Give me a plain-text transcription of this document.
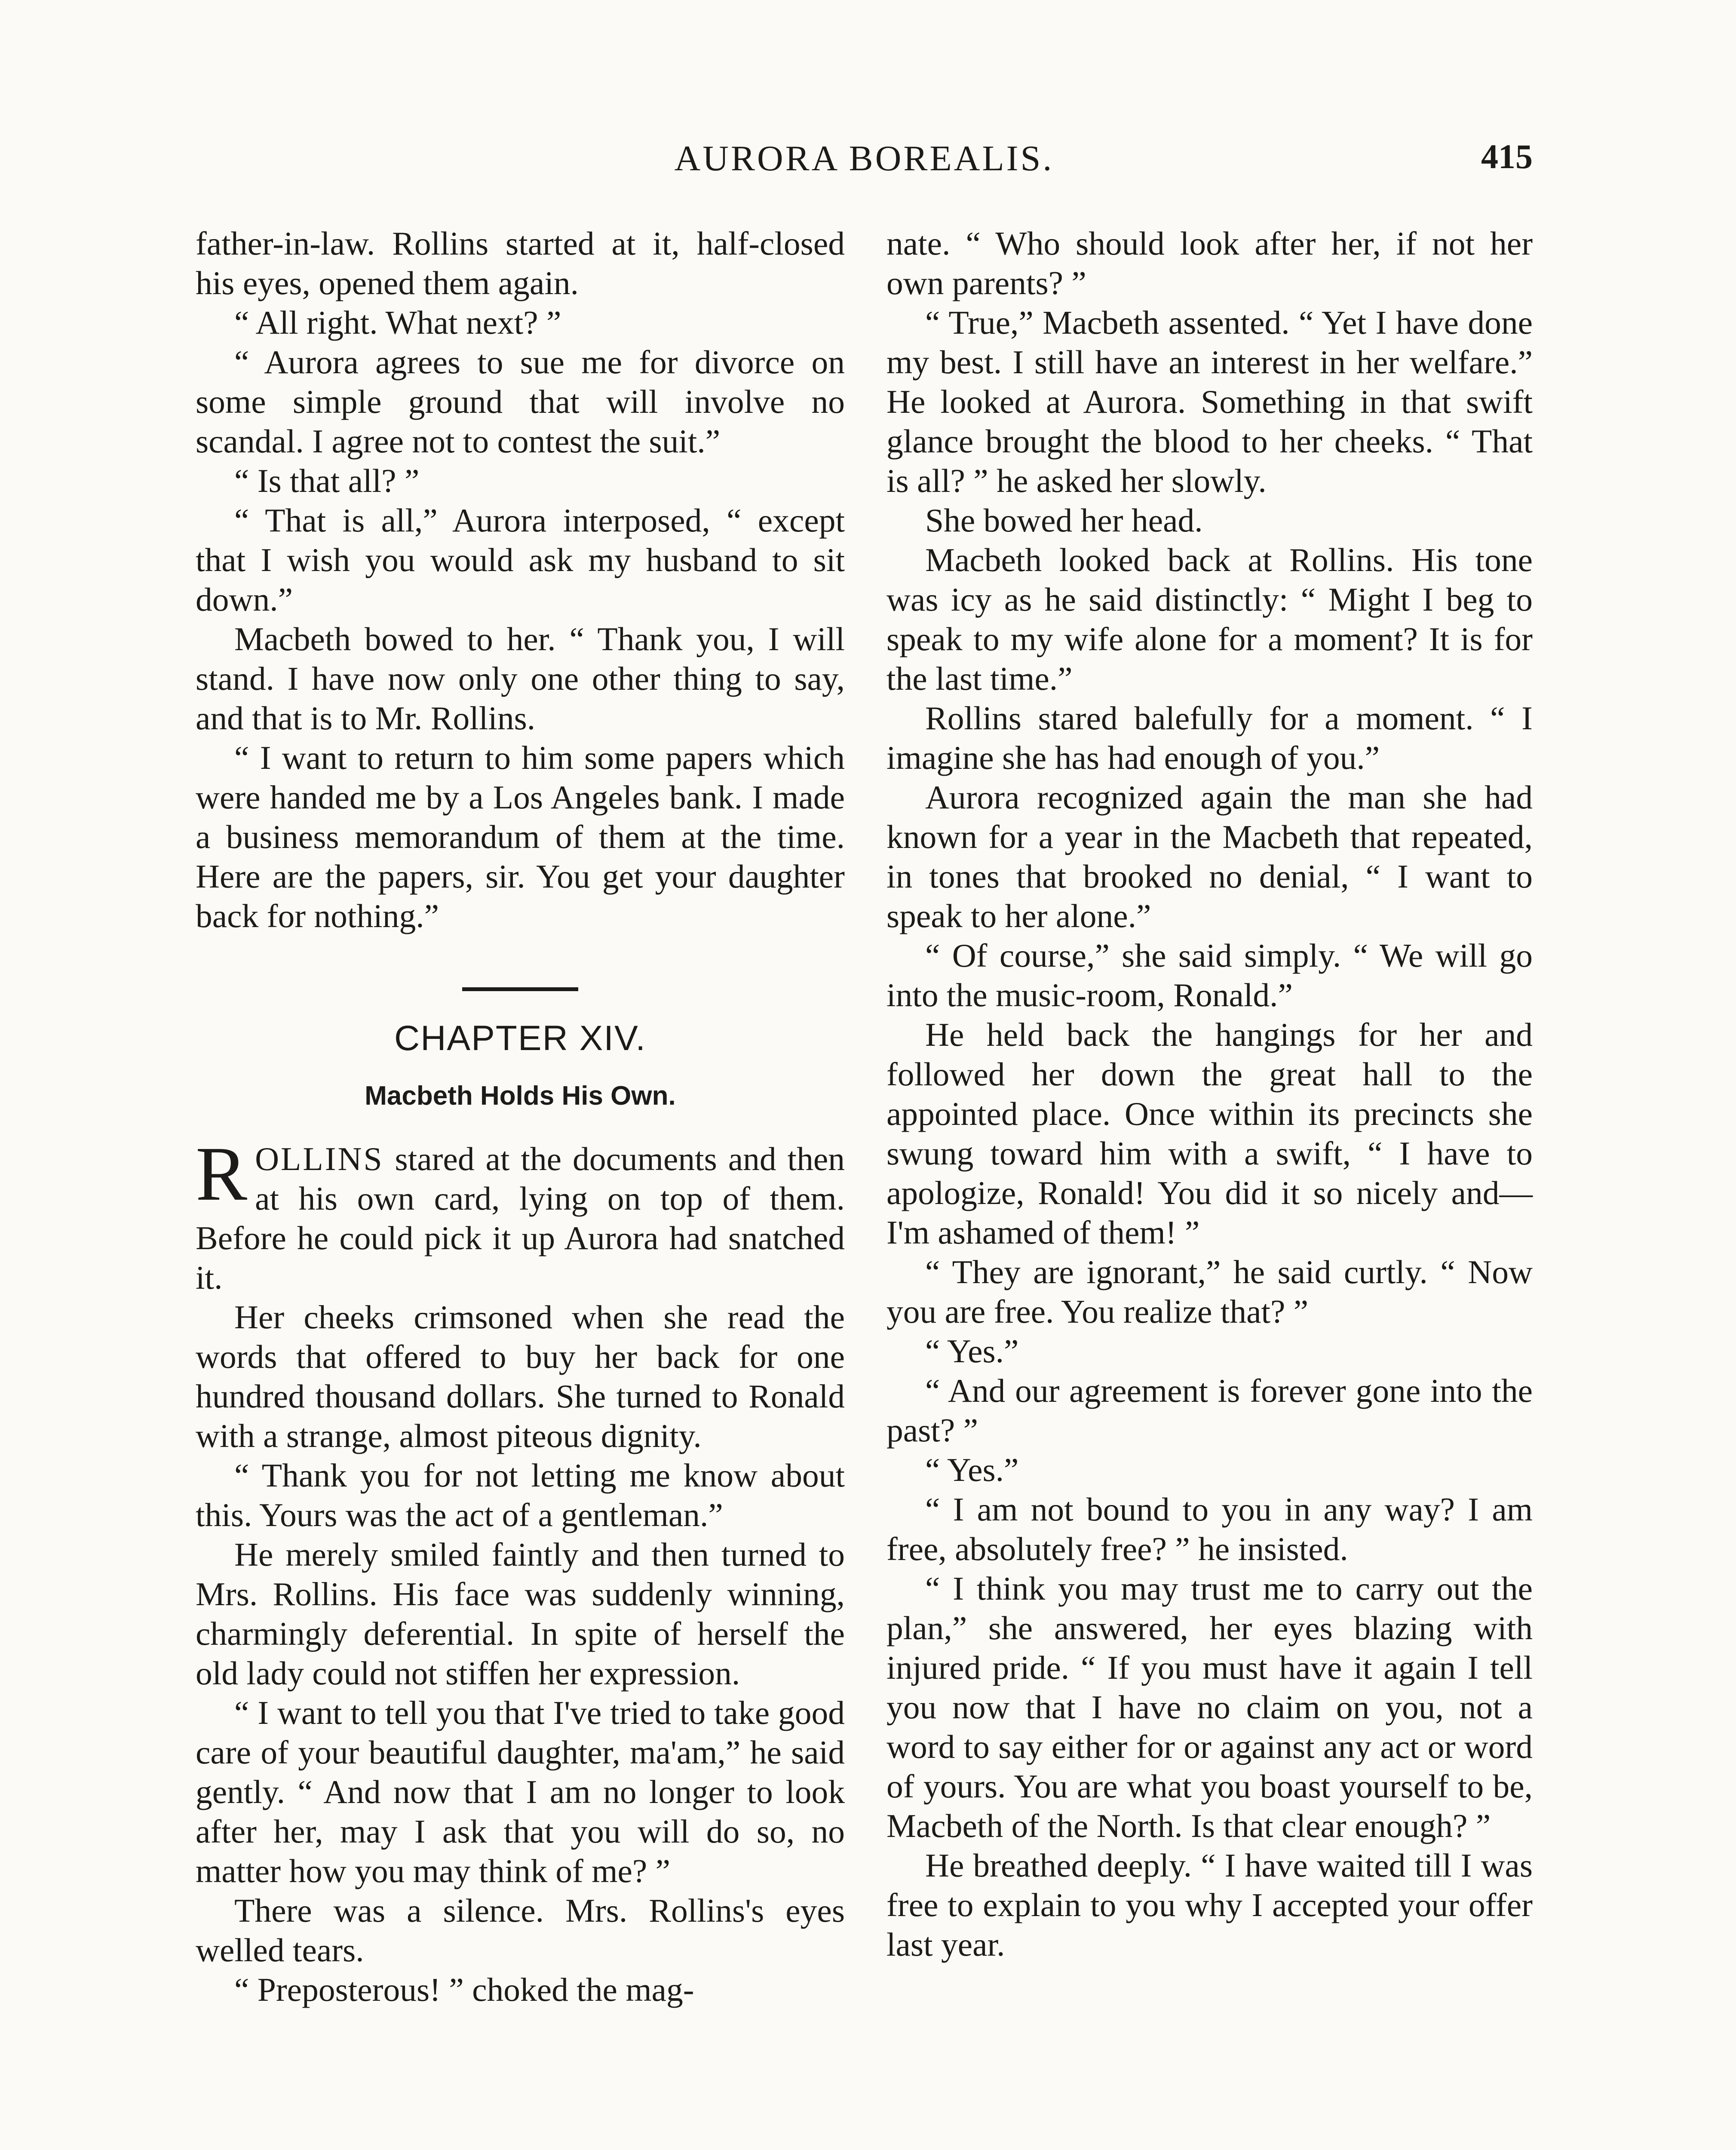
AURORA BOREALIS.	415

father-in-law. Rollins started at it, half-closed his eyes, opened them again.

“ All right. What next? ”

“ Aurora agrees to sue me for divorce on some simple ground that will involve no scandal. I agree not to contest the suit.”

“ Is that all? ”

“ That is all,” Aurora interposed, “ except that I wish you would ask my husband to sit down.”

Macbeth bowed to her. “ Thank you, I will stand. I have now only one other thing to say, and that is to Mr. Rollins.

“ I want to return to him some papers which were handed me by a Los Angeles bank. I made a business memorandum of them at the time. Here are the papers, sir. You get your daughter back for nothing.”

CHAPTER XIV.
Macbeth Holds His Own.

ROLLINS stared at the documents and then at his own card, lying on top of them. Before he could pick it up Aurora had snatched it.

Her cheeks crimsoned when she read the words that offered to buy her back for one hundred thousand dollars. She turned to Ronald with a strange, almost piteous dignity.

“ Thank you for not letting me know about this. Yours was the act of a gentleman.”

He merely smiled faintly and then turned to Mrs. Rollins. His face was suddenly winning, charmingly deferential. In spite of herself the old lady could not stiffen her expression.

“ I want to tell you that I've tried to take good care of your beautiful daughter, ma'am,” he said gently. “ And now that I am no longer to look after her, may I ask that you will do so, no matter how you may think of me? ”

There was a silence. Mrs. Rollins's eyes welled tears.

“ Preposterous! ” choked the mag-

nate. “ Who should look after her, if not her own parents? ”

“ True,” Macbeth assented. “ Yet I have done my best. I still have an interest in her welfare.” He looked at Aurora. Something in that swift glance brought the blood to her cheeks. “ That is all? ” he asked her slowly.

She bowed her head.

Macbeth looked back at Rollins. His tone was icy as he said distinctly: “ Might I beg to speak to my wife alone for a moment? It is for the last time.”

Rollins stared balefully for a moment. “ I imagine she has had enough of you.”

Aurora recognized again the man she had known for a year in the Macbeth that repeated, in tones that brooked no denial, “ I want to speak to her alone.”

“ Of course,” she said simply. “ We will go into the music-room, Ronald.”

He held back the hangings for her and followed her down the great hall to the appointed place. Once within its precincts she swung toward him with a swift, “ I have to apologize, Ronald! You did it so nicely and— I'm ashamed of them! ”

“ They are ignorant,” he said curtly. “ Now you are free. You realize that? ”

“ Yes.”

“ And our agreement is forever gone into the past? ”

“ Yes.”

“ I am not bound to you in any way? I am free, absolutely free? ” he insisted.

“ I think you may trust me to carry out the plan,” she answered, her eyes blazing with injured pride. “ If you must have it again I tell you now that I have no claim on you, not a word to say either for or against any act or word of yours. You are what you boast yourself to be, Macbeth of the North. Is that clear enough? ”

He breathed deeply. “ I have waited till I was free to explain to you why I accepted your offer last year.
